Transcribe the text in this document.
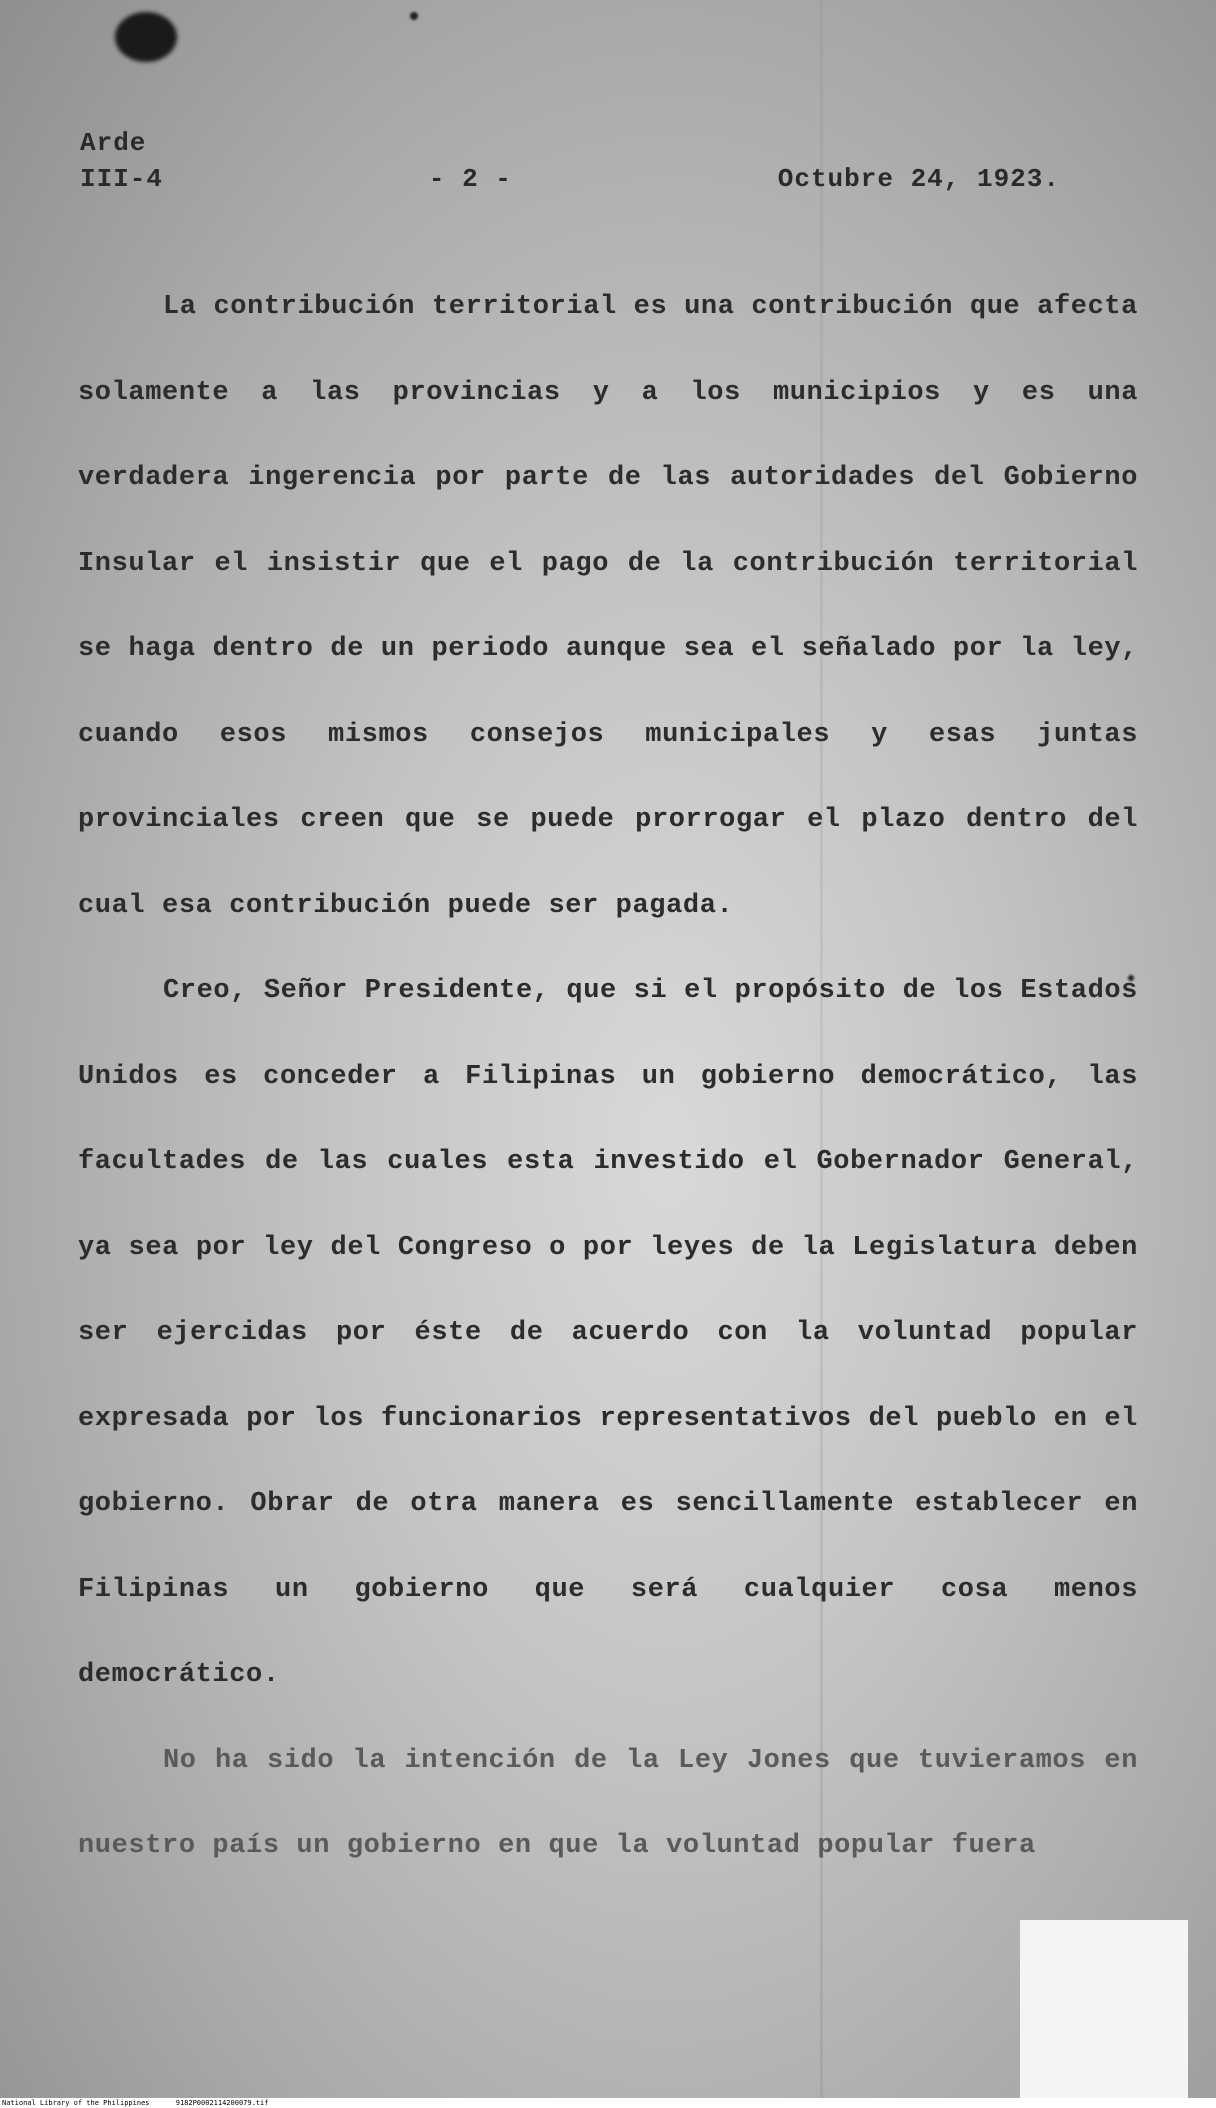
Arde
III-4	- 2 -	Octubre 24, 1923.

La contribución territorial es una contribución que afecta solamente a las provincias y a los municipios y es una verdadera ingerencia por parte de las autoridades del Gobierno Insular el insistir que el pago de la contribución territorial se haga dentro de un periodo aunque sea el señalado por la ley, cuando esos mismos consejos municipales y esas juntas provinciales creen que se puede prorrogar el plazo dentro del cual esa contribución puede ser pagada.

Creo, Señor Presidente, que si el propósito de los Estados Unidos es conceder a Filipinas un gobierno democrático, las facultades de las cuales esta investido el Gobernador General, ya sea por ley del Congreso o por leyes de la Legislatura deben ser ejercidas por éste de acuerdo con la voluntad popular expresada por los funcionarios representativos del pueblo en el gobierno. Obrar de otra manera es sencillamente establecer en Filipinas un gobierno que será cualquier cosa menos democrático.

No ha sido la intención de la Ley Jones que tuvieramos en nuestro país un gobierno en que la voluntad popular fuera

National Library of the Philippines	9182P0002114200079.tif
